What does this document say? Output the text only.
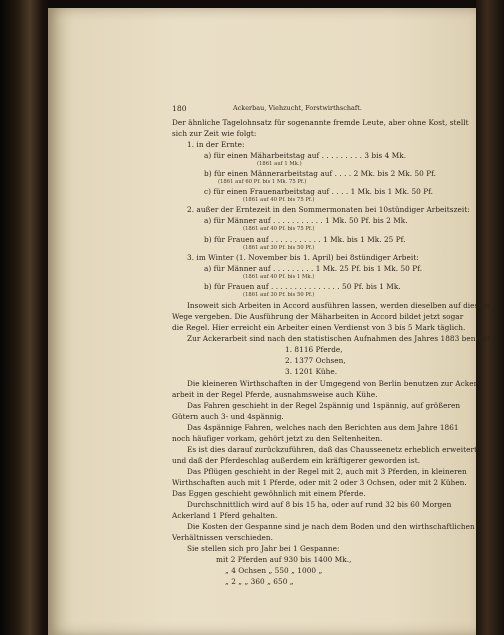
180	Ackerbau, Viehzucht, Forstwirthschaft.
Der ähnliche Tagelohnsatz für sogenannte fremde Leute, aber ohne Kost, stellt
sich zur Zeit wie folgt:
1. in der Ernte:
a) für einen Mäharbeitstag auf . . . . . . . . . 3 bis 4 Mk.
(1861 auf 1 Mk.)
b) für einen Männerarbeitstag auf . . . . 2 Mk. bis 2 Mk. 50 Pf.
(1861 auf 60 Pf. bis 1 Mk. 75 Pf.)
c) für einen Frauenarbeitstag auf . . . . 1 Mk. bis 1 Mk. 50 Pf.
(1861 auf 40 Pf. bis 75 Pf.)
2. außer der Erntezeit in den Sommermonaten bei 10stündiger Arbeitszeit:
a) für Männer auf . . . . . . . . . . . 1 Mk. 50 Pf. bis 2 Mk.
(1861 auf 40 Pf. bis 75 Pf.)
b) für Frauen auf . . . . . . . . . . . 1 Mk. bis 1 Mk. 25 Pf.
(1861 auf 30 Pf. bis 50 Pf.)
3. im Winter (1. November bis 1. April) bei 8stündiger Arbeit:
a) für Männer auf . . . . . . . . . 1 Mk. 25 Pf. bis 1 Mk. 50 Pf.
(1861 auf 40 Pf. bis 1 Mk.)
b) für Frauen auf . . . . . . . . . . . . . . . 50 Pf. bis 1 Mk.
(1861 auf 30 Pf. bis 50 Pf.)
Insoweit sich Arbeiten in Accord ausführen lassen, werden dieselben auf diesem
Wege vergeben. Die Ausführung der Mäharbeiten in Accord bildet jetzt sogar
die Regel. Hier erreicht ein Arbeiter einen Verdienst von 3 bis 5 Mark täglich.
Zur Ackerarbeit sind nach den statistischen Aufnahmen des Jahres 1883 benutzt:
1. 8116 Pferde,
2. 1377 Ochsen,
3. 1201 Kühe.
Die kleineren Wirthschaften in der Umgegend von Berlin benutzen zur Acker-
arbeit in der Regel Pferde, ausnahmsweise auch Kühe.
Das Fahren geschieht in der Regel 2spännig und 1spännig, auf größeren
Gütern auch 3- und 4spännig.
Das 4spännige Fahren, welches nach den Berichten aus dem Jahre 1861
noch häufiger vorkam, gehört jetzt zu den Seltenheiten.
Es ist dies darauf zurückzuführen, daß das Chausseenetz erheblich erweitert
und daß der Pferdeschlag außerdem ein kräftigerer geworden ist.
Das Pflügen geschieht in der Regel mit 2, auch mit 3 Pferden, in kleineren
Wirthschaften auch mit 1 Pferde, oder mit 2 oder 3 Ochsen, oder mit 2 Kühen.
Das Eggen geschieht gewöhnlich mit einem Pferde.
Durchschnittlich wird auf 8 bis 15 ha, oder auf rund 32 bis 60 Morgen
Ackerland 1 Pferd gehalten.
Die Kosten der Gespanne sind je nach dem Boden und den wirthschaftlichen
Verhältnissen verschieden.
Sie stellen sich pro Jahr bei 1 Gespanne:
mit 2 Pferden auf 930 bis 1400 Mk.,
„ 4 Ochsen „ 550 „ 1000 „
„ 2 „ „ 360 „ 650 „
